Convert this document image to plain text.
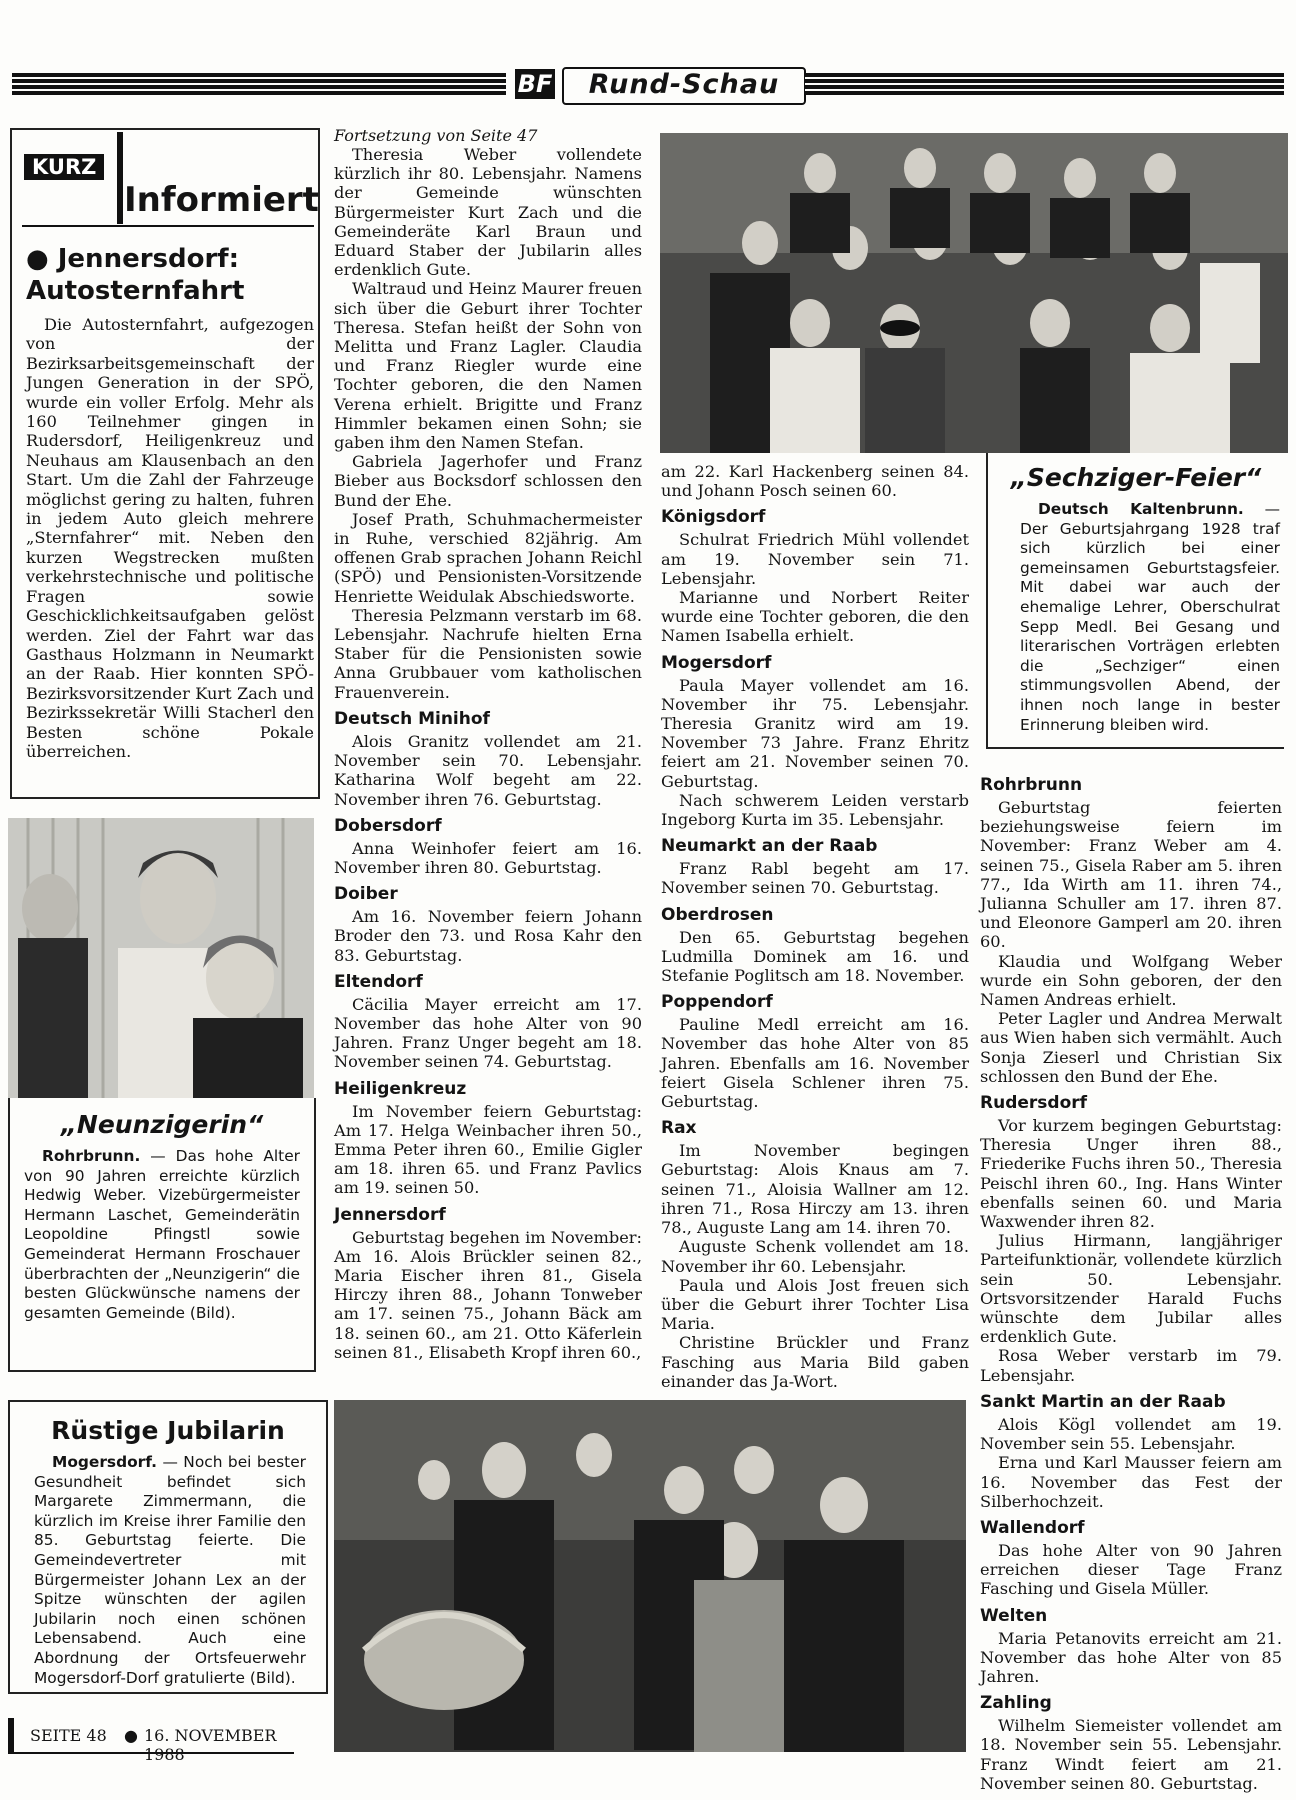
BF	Rund-Schau
KURZ
Informiert
● Jennersdorf:
Autosternfahrt

Die Autosternfahrt, aufgezogen von der Bezirksarbeitsgemeinschaft der Jungen Generation in der SPÖ, wurde ein voller Erfolg. Mehr als 160 Teilnehmer gingen in Rudersdorf, Heiligenkreuz und Neuhaus am Klausenbach an den Start. Um die Zahl der Fahrzeuge möglichst gering zu halten, fuhren in jedem Auto gleich mehrere „Sternfahrer“ mit. Neben den kurzen Wegstrecken mußten verkehrstechnische und politische Fragen sowie Geschicklichkeitsaufgaben gelöst werden. Ziel der Fahrt war das Gasthaus Holzmann in Neumarkt an der Raab. Hier konnten SPÖ-Bezirksvorsitzender Kurt Zach und Bezirkssekretär Willi Stacherl den Besten schöne Pokale überreichen.

„Neunzigerin“

Rohrbrunn. — Das hohe Alter von 90 Jahren erreichte kürzlich Hedwig Weber. Vizebürgermeister Hermann Laschet, Gemeinderätin Leopoldine Pfingstl sowie Gemeinderat Hermann Froschauer überbrachten der „Neunzigerin“ die besten Glückwünsche namens der gesamten Gemeinde (Bild).

Rüstige Jubilarin

Mogersdorf. — Noch bei bester Gesundheit befindet sich Margarete Zimmermann, die kürzlich im Kreise ihrer Familie den 85. Geburtstag feierte. Die Gemeindevertreter mit Bürgermeister Johann Lex an der Spitze wünschten der agilen Jubilarin noch einen schönen Lebensabend. Auch eine Abordnung der Ortsfeuerwehr Mogersdorf-Dorf gratulierte (Bild).

SEITE 48 ● 16. NOVEMBER 1988
Fortsetzung von Seite 47

Theresia Weber vollendete kürzlich ihr 80. Lebensjahr. Namens der Gemeinde wünschten Bürgermeister Kurt Zach und die Gemeinderäte Karl Braun und Eduard Staber der Jubilarin alles erdenklich Gute.

Waltraud und Heinz Maurer freuen sich über die Geburt ihrer Tochter Theresa. Stefan heißt der Sohn von Melitta und Franz Lagler. Claudia und Franz Riegler wurde eine Tochter geboren, die den Namen Verena erhielt. Brigitte und Franz Himmler bekamen einen Sohn; sie gaben ihm den Namen Stefan.

Gabriela Jagerhofer und Franz Bieber aus Bocksdorf schlossen den Bund der Ehe.

Josef Prath, Schuhmachermeister in Ruhe, verschied 82jährig. Am offenen Grab sprachen Johann Reichl (SPÖ) und Pensionisten-Vorsitzende Henriette Weidulak Abschiedsworte.

Theresia Pelzmann verstarb im 68. Lebensjahr. Nachrufe hielten Erna Staber für die Pensionisten sowie Anna Grubbauer vom katholischen Frauenverein.

Deutsch Minihof

Alois Granitz vollendet am 21. November sein 70. Lebensjahr. Katharina Wolf begeht am 22. November ihren 76. Geburtstag.

Dobersdorf

Anna Weinhofer feiert am 16. November ihren 80. Geburtstag.

Doiber

Am 16. November feiern Johann Broder den 73. und Rosa Kahr den 83. Geburtstag.

Eltendorf

Cäcilia Mayer erreicht am 17. November das hohe Alter von 90 Jahren. Franz Unger begeht am 18. November seinen 74. Geburtstag.

Heiligenkreuz

Im November feiern Geburtstag: Am 17. Helga Weinbacher ihren 50., Emma Peter ihren 60., Emilie Gigler am 18. ihren 65. und Franz Pavlics am 19. seinen 50.

Jennersdorf

Geburtstag begehen im November: Am 16. Alois Brückler seinen 82., Maria Eischer ihren 81., Gisela Hirczy ihren 88., Johann Tonweber am 17. seinen 75., Johann Bäck am 18. seinen 60., am 21. Otto Käferlein seinen 81., Elisabeth Kropf ihren 60.,

am 22. Karl Hackenberg seinen 84. und Johann Posch seinen 60.

Königsdorf

Schulrat Friedrich Mühl vollendet am 19. November sein 71. Lebensjahr.

Marianne und Norbert Reiter wurde eine Tochter geboren, die den Namen Isabella erhielt.

Mogersdorf

Paula Mayer vollendet am 16. November ihr 75. Lebensjahr. Theresia Granitz wird am 19. November 73 Jahre. Franz Ehritz feiert am 21. November seinen 70. Geburtstag.

Nach schwerem Leiden verstarb Ingeborg Kurta im 35. Lebensjahr.

Neumarkt an der Raab

Franz Rabl begeht am 17. November seinen 70. Geburtstag.

Oberdrosen

Den 65. Geburtstag begehen Ludmilla Dominek am 16. und Stefanie Poglitsch am 18. November.

Poppendorf

Pauline Medl erreicht am 16. November das hohe Alter von 85 Jahren. Ebenfalls am 16. November feiert Gisela Schlener ihren 75. Geburtstag.

Rax

Im November begingen Geburtstag: Alois Knaus am 7. seinen 71., Aloisia Wallner am 12. ihren 71., Rosa Hirczy am 13. ihren 78., Auguste Lang am 14. ihren 70.

Auguste Schenk vollendet am 18. November ihr 60. Lebensjahr.

Paula und Alois Jost freuen sich über die Geburt ihrer Tochter Lisa Maria.

Christine Brückler und Franz Fasching aus Maria Bild gaben einander das Ja-Wort.

„Sechziger-Feier“

Deutsch Kaltenbrunn. — Der Geburtsjahrgang 1928 traf sich kürzlich bei einer gemeinsamen Geburtstagsfeier. Mit dabei war auch der ehemalige Lehrer, Oberschulrat Sepp Medl. Bei Gesang und literarischen Vorträgen erlebten die „Sechziger“ einen stimmungsvollen Abend, der ihnen noch lange in bester Erinnerung bleiben wird.

Rohrbrunn

Geburtstag feierten beziehungsweise feiern im November: Franz Weber am 4. seinen 75., Gisela Raber am 5. ihren 77., Ida Wirth am 11. ihren 74., Julianna Schuller am 17. ihren 87. und Eleonore Gamperl am 20. ihren 60.

Klaudia und Wolfgang Weber wurde ein Sohn geboren, der den Namen Andreas erhielt.

Peter Lagler und Andrea Merwalt aus Wien haben sich vermählt. Auch Sonja Zieserl und Christian Six schlossen den Bund der Ehe.

Rudersdorf

Vor kurzem begingen Geburtstag: Theresia Unger ihren 88., Friederike Fuchs ihren 50., Theresia Peischl ihren 60., Ing. Hans Winter ebenfalls seinen 60. und Maria Waxwender ihren 82.

Julius Hirmann, langjähriger Parteifunktionär, vollendete kürzlich sein 50. Lebensjahr. Ortsvorsitzender Harald Fuchs wünschte dem Jubilar alles erdenklich Gute.

Rosa Weber verstarb im 79. Lebensjahr.

Sankt Martin an der Raab

Alois Kögl vollendet am 19. November sein 55. Lebensjahr.

Erna und Karl Mausser feiern am 16. November das Fest der Silberhochzeit.

Wallendorf

Das hohe Alter von 90 Jahren erreichen dieser Tage Franz Fasching und Gisela Müller.

Welten

Maria Petanovits erreicht am 21. November das hohe Alter von 85 Jahren.

Zahling

Wilhelm Siemeister vollendet am 18. November sein 55. Lebensjahr. Franz Windt feiert am 21. November seinen 80. Geburtstag.
